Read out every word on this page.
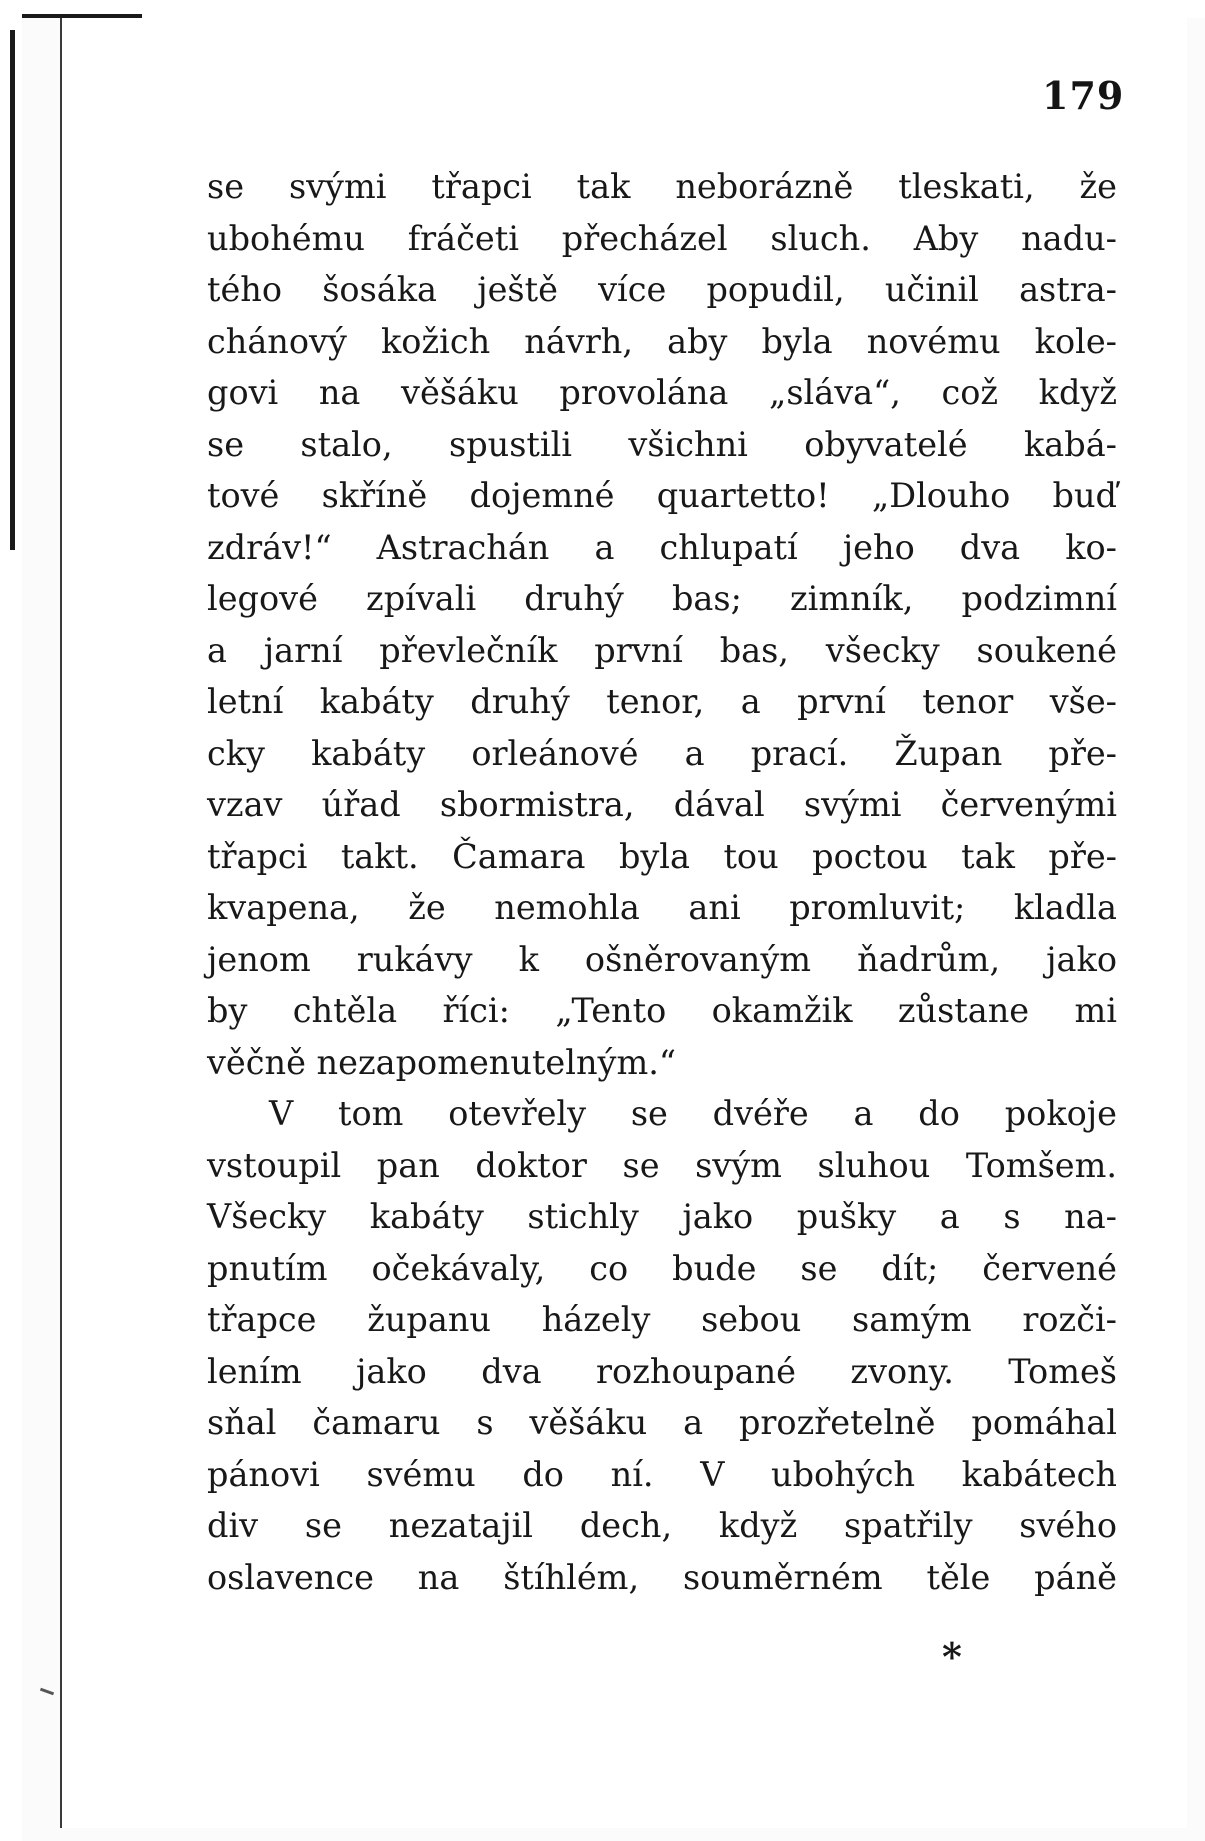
179
se svými třapci tak neborázně tleskati, že
ubohému fráčeti přecházel sluch. Aby nadu-
tého šosáka ještě více popudil, učinil astra-
chánový kožich návrh, aby byla novému kole-
govi na věšáku provolána „sláva“, což když
se stalo, spustili všichni obyvatelé kabá-
tové skříně dojemné quartetto! „Dlouho buď
zdráv!“ Astrachán a chlupatí jeho dva ko-
legové zpívali druhý bas; zimník, podzimní
a jarní převlečník první bas, všecky soukené
letní kabáty druhý tenor, a první tenor vše-
cky kabáty orleánové a prací. Župan pře-
vzav úřad sbormistra, dával svými červenými
třapci takt. Čamara byla tou poctou tak pře-
kvapena, že nemohla ani promluvit; kladla
jenom rukávy k ošněrovaným ňadrům, jako
by chtěla říci: „Tento okamžik zůstane mi
věčně nezapomenutelným.“
V tom otevřely se dvéře a do pokoje
vstoupil pan doktor se svým sluhou Tomšem.
Všecky kabáty stichly jako pušky a s na-
pnutím očekávaly, co bude se dít; červené
třapce županu házely sebou samým rozči-
lením jako dva rozhoupané zvony. Tomeš
sňal čamaru s věšáku a prozřetelně pomáhal
pánovi svému do ní. V ubohých kabátech
div se nezatajil dech, když spatřily svého
oslavence na štíhlém, souměrném těle páně
*
